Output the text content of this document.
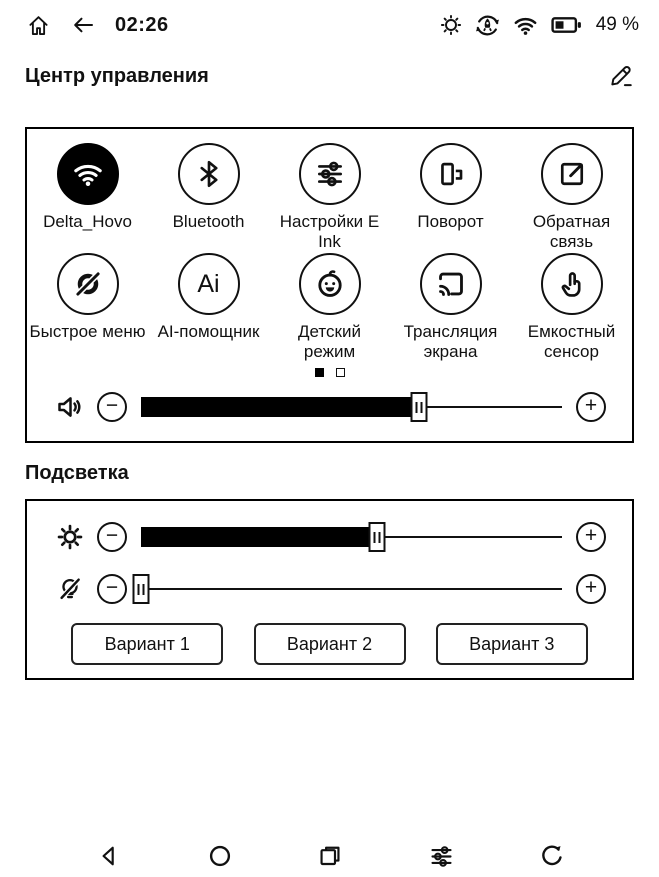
02:26	49 %
Центр управления
Delta_Hovo Bluetooth	Настройки E Ink
Поворот	Обратная связь
Быстрое меню
Ai
AI-помощник	Детский режим
Трансляция экрана
Емкостный сенсор
−	+
Подсветка
−	+
−	+
Вариант 1	Вариант 2	Вариант 3
